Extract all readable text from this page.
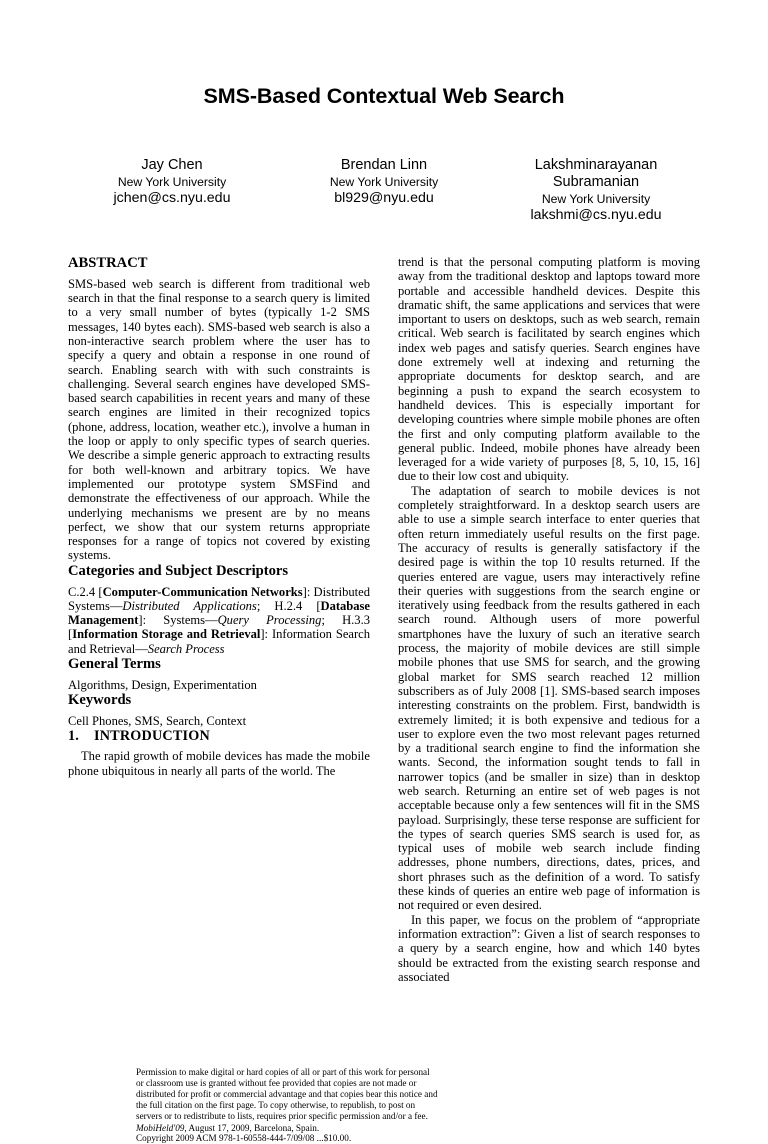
SMS-Based Contextual Web Search
Jay Chen
New York University
jchen@cs.nyu.edu
Brendan Linn
New York University
bl929@nyu.edu
Lakshminarayanan Subramanian
New York University
lakshmi@cs.nyu.edu
ABSTRACT

SMS-based web search is different from traditional web search in that the final response to a search query is limited to a very small number of bytes (typically 1-2 SMS messages, 140 bytes each). SMS-based web search is also a non-interactive search problem where the user has to specify a query and obtain a response in one round of search. Enabling search with with such constraints is challenging. Several search engines have developed SMS-based search capabilities in recent years and many of these search engines are limited in their recognized topics (phone, address, location, weather etc.), involve a human in the loop or apply to only specific types of search queries. We describe a simple generic approach to extracting results for both well-known and arbitrary topics. We have implemented our prototype system SMSFind and demonstrate the effectiveness of our approach. While the underlying mechanisms we present are by no means perfect, we show that our system returns appropriate responses for a range of topics not covered by existing systems.

Categories and Subject Descriptors

C.2.4 [Computer-Communication Networks]: Distributed Systems—Distributed Applications; H.2.4 [Database Management]: Systems—Query Processing; H.3.3 [Information Storage and Retrieval]: Information Search and Retrieval—Search Process

General Terms

Algorithms, Design, Experimentation

Keywords

Cell Phones, SMS, Search, Context

1. INTRODUCTION

The rapid growth of mobile devices has made the mobile phone ubiquitous in nearly all parts of the world. The

Permission to make digital or hard copies of all or part of this work for personal or classroom use is granted without fee provided that copies are not made or distributed for profit or commercial advantage and that copies bear this notice and the full citation on the first page. To copy otherwise, to republish, to post on servers or to redistribute to lists, requires prior specific permission and/or a fee.
MobiHeld'09, August 17, 2009, Barcelona, Spain.
Copyright 2009 ACM 978-1-60558-444-7/09/08 ...$10.00.

trend is that the personal computing platform is moving away from the traditional desktop and laptops toward more portable and accessible handheld devices. Despite this dramatic shift, the same applications and services that were important to users on desktops, such as web search, remain critical. Web search is facilitated by search engines which index web pages and satisfy queries. Search engines have done extremely well at indexing and returning the appropriate documents for desktop search, and are beginning a push to expand the search ecosystem to handheld devices. This is especially important for developing countries where simple mobile phones are often the first and only computing platform available to the general public. Indeed, mobile phones have already been leveraged for a wide variety of purposes [8, 5, 10, 15, 16] due to their low cost and ubiquity.

The adaptation of search to mobile devices is not completely straightforward. In a desktop search users are able to use a simple search interface to enter queries that often return immediately useful results on the first page. The accuracy of results is generally satisfactory if the desired page is within the top 10 results returned. If the queries entered are vague, users may interactively refine their queries with suggestions from the search engine or iteratively using feedback from the results gathered in each search round. Although users of more powerful smartphones have the luxury of such an iterative search process, the majority of mobile devices are still simple mobile phones that use SMS for search, and the growing global market for SMS search reached 12 million subscribers as of July 2008 [1]. SMS-based search imposes interesting constraints on the problem. First, bandwidth is extremely limited; it is both expensive and tedious for a user to explore even the two most relevant pages returned by a traditional search engine to find the information she wants. Second, the information sought tends to fall in narrower topics (and be smaller in size) than in desktop web search. Returning an entire set of web pages is not acceptable because only a few sentences will fit in the SMS payload. Surprisingly, these terse response are sufficient for the types of search queries SMS search is used for, as typical uses of mobile web search include finding addresses, phone numbers, directions, dates, prices, and short phrases such as the definition of a word. To satisfy these kinds of queries an entire web page of information is not required or even desired.

In this paper, we focus on the problem of “appropriate information extraction”: Given a list of search responses to a query by a search engine, how and which 140 bytes should be extracted from the existing search response and associated
